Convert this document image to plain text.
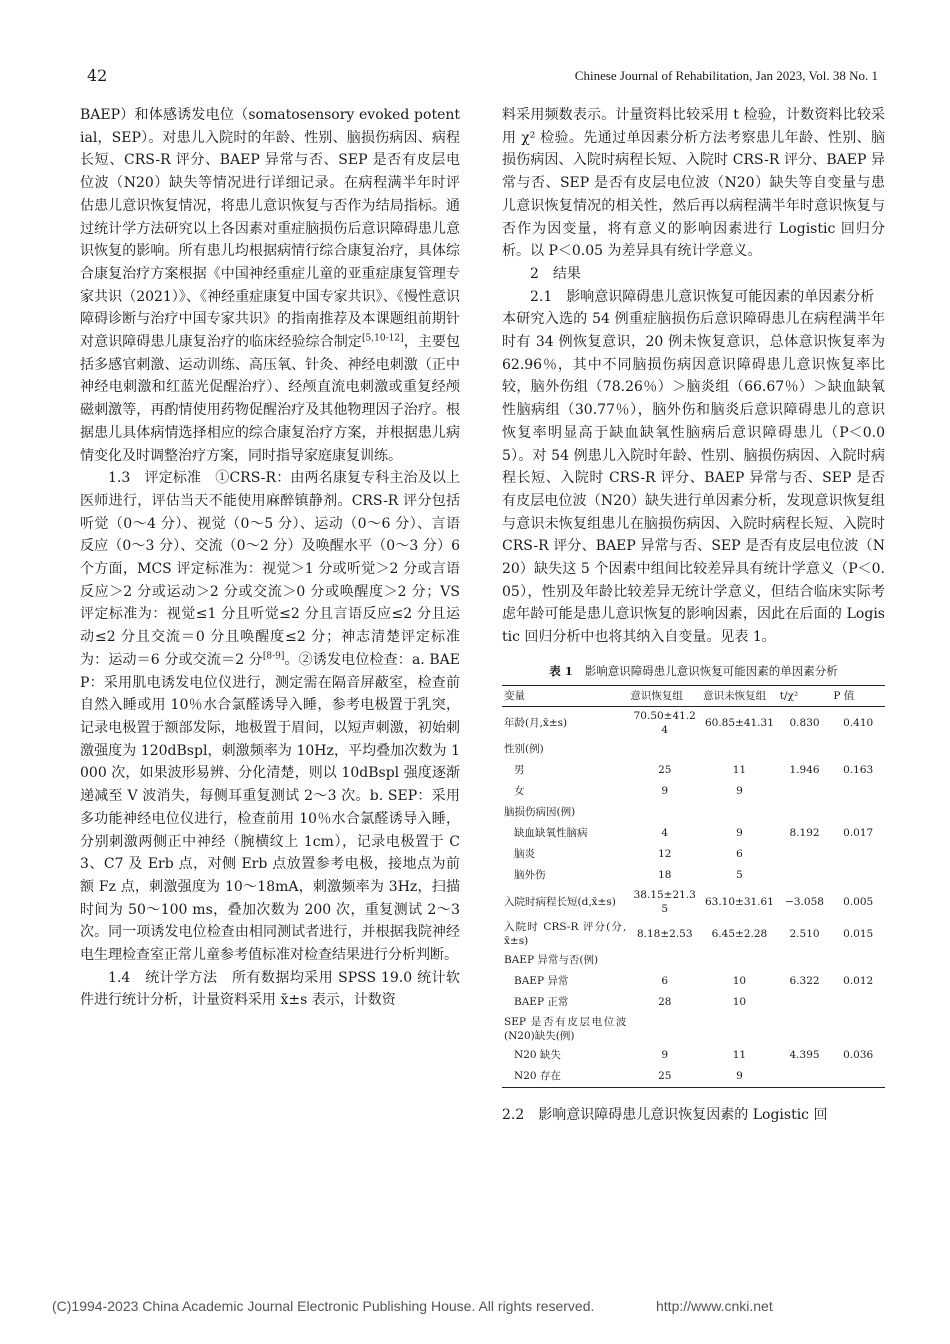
42	Chinese Journal of Rehabilitation, Jan 2023, Vol. 38 No. 1

BAEP）和体感诱发电位（somatosensory evoked potential，SEP）。对患儿入院时的年龄、性别、脑损伤病因、病程长短、CRS-R 评分、BAEP 异常与否、SEP 是否有皮层电位波（N20）缺失等情况进行详细记录。在病程满半年时评估患儿意识恢复情况，将患儿意识恢复与否作为结局指标。通过统计学方法研究以上各因素对重症脑损伤后意识障碍患儿意识恢复的影响。所有患儿均根据病情行综合康复治疗，具体综合康复治疗方案根据《中国神经重症儿童的亚重症康复管理专家共识（2021）》、《神经重症康复中国专家共识》、《慢性意识障碍诊断与治疗中国专家共识》的指南推荐及本课题组前期针对意识障碍患儿康复治疗的临床经验综合制定[5,10-12]，主要包括多感官刺激、运动训练、高压氧、针灸、神经电刺激（正中神经电刺激和红蓝光促醒治疗）、经颅直流电刺激或重复经颅磁刺激等，再酌情使用药物促醒治疗及其他物理因子治疗。根据患儿具体病情选择相应的综合康复治疗方案，并根据患儿病情变化及时调整治疗方案，同时指导家庭康复训练。

1.3　评定标准　①CRS-R：由两名康复专科主治及以上医师进行，评估当天不能使用麻醉镇静剂。CRS-R 评分包括听觉（0～4 分）、视觉（0～5 分）、运动（0～6 分）、言语反应（0～3 分）、交流（0～2 分）及唤醒水平（0～3 分）6 个方面，MCS 评定标准为：视觉＞1 分或听觉＞2 分或言语反应＞2 分或运动＞2 分或交流＞0 分或唤醒度＞2 分；VS 评定标准为：视觉≤1 分且听觉≤2 分且言语反应≤2 分且运动≤2 分且交流＝0 分且唤醒度≤2 分；神志清楚评定标准为：运动＝6 分或交流＝2 分[8-9]。②诱发电位检查：a. BAEP：采用肌电诱发电位仪进行，测定需在隔音屏蔽室，检查前自然入睡或用 10％水合氯醛诱导入睡，参考电极置于乳突，记录电极置于额部发际，地极置于眉间，以短声刺激，初始刺激强度为 120dBspl，刺激频率为 10Hz，平均叠加次数为 1000 次，如果波形易辨、分化清楚，则以 10dBspl 强度逐渐递减至 V 波消失，每侧耳重复测试 2～3 次。b. SEP：采用多功能神经电位仪进行，检查前用 10％水合氯醛诱导入睡，分别刺激两侧正中神经（腕横纹上 1cm），记录电极置于 C3、C7 及 Erb 点，对侧 Erb 点放置参考电极，接地点为前额 Fz 点，刺激强度为 10～18mA，刺激频率为 3Hz，扫描时间为 50～100 ms，叠加次数为 200 次，重复测试 2～3 次。同一项诱发电位检查由相同测试者进行，并根据我院神经电生理检查室正常儿童参考值标准对检查结果进行分析判断。

1.4　统计学方法　所有数据均采用 SPSS 19.0 统计软件进行统计分析，计量资料采用 x̄±s 表示，计数资

料采用频数表示。计量资料比较采用 t 检验，计数资料比较采用 χ² 检验。先通过单因素分析方法考察患儿年龄、性别、脑损伤病因、入院时病程长短、入院时 CRS-R 评分、BAEP 异常与否、SEP 是否有皮层电位波（N20）缺失等自变量与患儿意识恢复情况的相关性，然后再以病程满半年时意识恢复与否作为因变量，将有意义的影响因素进行 Logistic 回归分析。以 P＜0.05 为差异具有统计学意义。

2　结果

2.1　影响意识障碍患儿意识恢复可能因素的单因素分析　本研究入选的 54 例重症脑损伤后意识障碍患儿在病程满半年时有 34 例恢复意识，20 例未恢复意识，总体意识恢复率为 62.96％，其中不同脑损伤病因意识障碍患儿意识恢复率比较，脑外伤组（78.26％）＞脑炎组（66.67％）＞缺血缺氧性脑病组（30.77％），脑外伤和脑炎后意识障碍患儿的意识恢复率明显高于缺血缺氧性脑病后意识障碍患儿（P＜0.05）。对 54 例患儿入院时年龄、性别、脑损伤病因、入院时病程长短、入院时 CRS-R 评分、BAEP 异常与否、SEP 是否有皮层电位波（N20）缺失进行单因素分析，发现意识恢复组与意识未恢复组患儿在脑损伤病因、入院时病程长短、入院时 CRS-R 评分、BAEP 异常与否、SEP 是否有皮层电位波（N20）缺失这 5 个因素中组间比较差异具有统计学意义（P＜0.05），性别及年龄比较差异无统计学意义，但结合临床实际考虑年龄可能是患儿意识恢复的影响因素，因此在后面的 Logistic 回归分析中也将其纳入自变量。见表 1。

表 1 影响意识障碍患儿意识恢复可能因素的单因素分析
变量	意识恢复组	意识未恢复组	t/χ²	P 值
年龄(月,x̄±s)	70.50±41.24	60.85±41.31	0.830	0.410
性别(例)				
男	25	11	1.946	0.163
女	9	9		
脑损伤病因(例)				
缺血缺氧性脑病	4	9	8.192	0.017
脑炎	12	6		
脑外伤	18	5		
入院时病程长短(d,x̄±s)	38.15±21.35	63.10±31.61	−3.058	0.005
入院时 CRS-R 评分(分,x̄±s)	8.18±2.53	6.45±2.28	2.510	0.015
BAEP 异常与否(例)				
BAEP 异常	6	10	6.322	0.012
BAEP 正常	28	10		
SEP 是否有皮层电位波(N20)缺失(例)				
N20 缺失	9	11	4.395	0.036
N20 存在	25	9		

2.2　影响意识障碍患儿意识恢复因素的 Logistic 回

(C)1994-2023 China Academic Journal Electronic Publishing House. All rights reserved.	http://www.cnki.net
